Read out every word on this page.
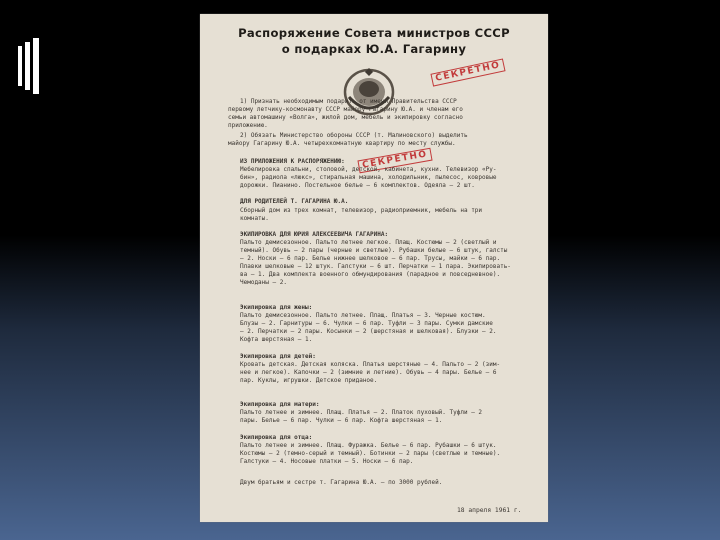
Распоряжение Совета министров СССР
о подарках Ю.А. Гагарину
СЕКРЕТНО
СЕКРЕТНО
1) Признать необходимым подарить от имени Правительства СССР
первому летчику-космонавту СССР майору Гагарину Ю.А. и членам его
семьи автомашину «Волга», жилой дом, мебель и экипировку согласно
приложению.
2) Обязать Министерство обороны СССР (т. Малиновского) выделить
майору Гагарину Ю.А. четырехкомнатную квартиру по месту службы.
ИЗ ПРИЛОЖЕНИЯ К РАСПОРЯЖЕНИЮ:
Мебелировка спальни, столовой, детской, кабинета, кухни. Телевизор «Ру-
бин», радиола «люкс», стиральная машина, холодильник, пылесос, ковровые
дорожки. Пианино. Постельное белье — 6 комплектов. Одеяла — 2 шт.
ДЛЯ РОДИТЕЛЕЙ Т. ГАГАРИНА Ю.А.
Сборный дом из трех комнат, телевизор, радиоприемник, мебель на три
комнаты.
ЭКИПИРОВКА ДЛЯ ЮРИЯ АЛЕКСЕЕВИЧА ГАГАРИНА:
Пальто демисезонное. Пальто летнее легкое. Плащ. Костюмы — 2 (светлый и
темный). Обувь — 2 пары (черные и светлые). Рубашки белые — 6 штук, галсты
— 2. Носки — 6 пар. Белье нижнее шелковое — 6 пар. Трусы, майки — 6 пар.
Плавки шелковые — 12 штук. Галстуки — 6 шт. Перчатки — 1 пара. Экипировать-
ва — 1. Два комплекта военного обмундирования (парадное и повседневное).
Чемоданы — 2.
Экипировка для жены:
Пальто демисезонное. Пальто летнее. Плащ. Платья — 3. Черные костюм.
Блузы — 2. Гарнитуры — 6. Чулки — 6 пар. Туфли — 3 пары. Сумки дамские
— 2. Перчатки — 2 пары. Косынки — 2 (шерстяная и шелковая). Блузки — 2.
Кофта шерстяная — 1.
Экипировка для детей:
Кровать детская. Детская коляска. Платья шерстяные — 4. Пальто — 2 (зим-
нее и легкое). Капочки — 2 (зимние и летние). Обувь — 4 пары. Белье — 6
пар. Куклы, игрушки. Детское приданое.
Экипировка для матери:
Пальто летнее и зимнее. Плащ. Платья — 2. Платок пуховый. Туфли — 2
пары. Белье — 6 пар. Чулки — 6 пар. Кофта шерстяная — 1.
Экипировка для отца:
Пальто летнее и зимнее. Плащ. Фуражка. Белье — 6 пар. Рубашки — 6 штук.
Костюмы — 2 (темно-серый и темный). Ботинки — 2 пары (светлые и темные).
Галстуки — 4. Носовые платки — 5. Носки — 6 пар.
Двум братьям и сестре т. Гагарина Ю.А. — по 3000 рублей.
18 апреля 1961 г.
